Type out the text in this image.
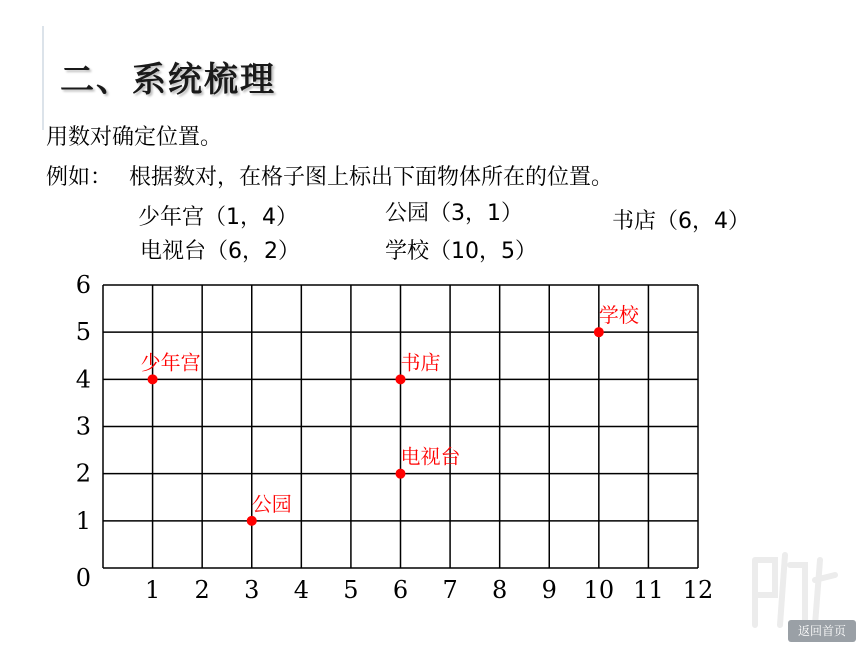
二、系统梳理
用数对确定位置。
例如： 根据数对，在格子图上标出下面物体所在的位置。
少年宫（1，4）	公园（3，1）	书店（6，4）
电视台（6，2）	学校（10，5）
1 2 3 4 5 6 7 8 9 10 11 12
1
2
3
4
5
6
0
少年宫
公园
书店
电视台
学校
返回首页
